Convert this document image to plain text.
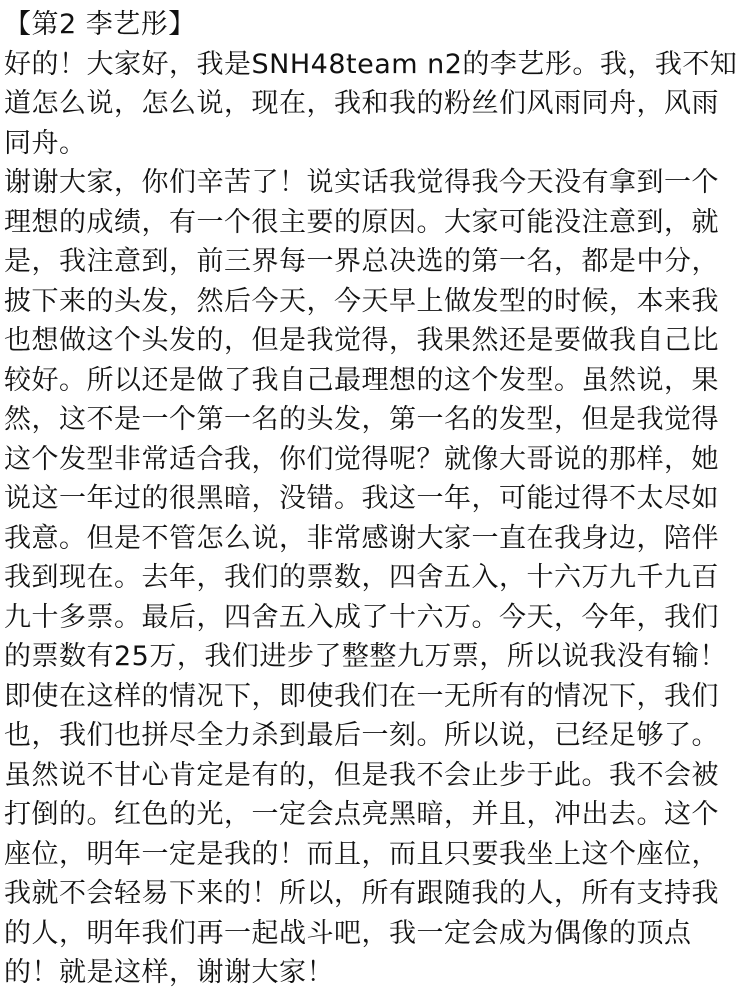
【第2 李艺彤】

好的！大家好，我是SNH48team n2的李艺彤。我，我不知道怎么说，怎么说，现在，我和我的粉丝们风雨同舟，风雨同舟。

谢谢大家，你们辛苦了！说实话我觉得我今天没有拿到一个理想的成绩，有一个很主要的原因。大家可能没注意到，就是，我注意到，前三界每一界总决选的第一名，都是中分，披下来的头发，然后今天，今天早上做发型的时候，本来我也想做这个头发的，但是我觉得，我果然还是要做我自己比较好。所以还是做了我自己最理想的这个发型。虽然说，果然，这不是一个第一名的头发，第一名的发型，但是我觉得这个发型非常适合我，你们觉得呢？就像大哥说的那样，她说这一年过的很黑暗，没错。我这一年，可能过得不太尽如我意。但是不管怎么说，非常感谢大家一直在我身边，陪伴我到现在。去年，我们的票数，四舍五入，十六万九千九百九十多票。最后，四舍五入成了十六万。今天，今年，我们的票数有25万，我们进步了整整九万票，所以说我没有输！

即使在这样的情况下，即使我们在一无所有的情况下，我们也，我们也拼尽全力杀到最后一刻。所以说，已经足够了。虽然说不甘心肯定是有的，但是我不会止步于此。我不会被打倒的。红色的光，一定会点亮黑暗，并且，冲出去。这个座位，明年一定是我的！而且，而且只要我坐上这个座位，我就不会轻易下来的！所以，所有跟随我的人，所有支持我的人，明年我们再一起战斗吧，我一定会成为偶像的顶点的！就是这样，谢谢大家！
